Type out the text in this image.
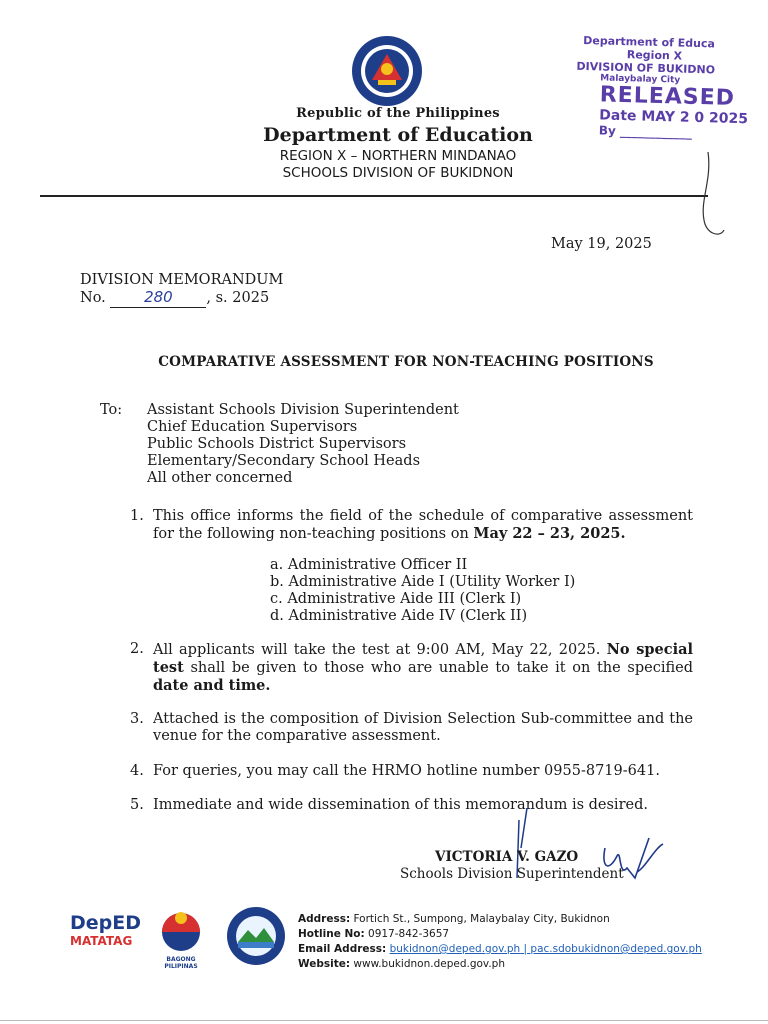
Republic of the Philippines
Department of Education
REGION X – NORTHERN MINDANAO
SCHOOLS DIVISION OF BUKIDNON
Department of Educa
Region X
DIVISION OF BUKIDNO
Malaybalay City
RELEASED
Date MAY 2 0 2025
By ____________
May 19, 2025
DIVISION MEMORANDUM
No.	280 , s. 2025
COMPARATIVE ASSESSMENT FOR NON-TEACHING POSITIONS
To: Assistant Schools Division Superintendent
Chief Education Supervisors
Public Schools District Supervisors
Elementary/Secondary School Heads
All other concerned
1. This office informs the field of the schedule of comparative assessment for the following non-teaching positions on May 22 – 23, 2025.
a. Administrative Officer II
b. Administrative Aide I (Utility Worker I)
c. Administrative Aide III (Clerk I)
d. Administrative Aide IV (Clerk II)
2. All applicants will take the test at 9:00 AM, May 22, 2025. No special test shall be given to those who are unable to take it on the specified date and time.
3. Attached is the composition of Division Selection Sub-committee and the venue for the comparative assessment.
4. For queries, you may call the HRMO hotline number 0955-8719-641.
5. Immediate and wide dissemination of this memorandum is desired.
VICTORIA V. GAZO
Schools Division Superintendent
DepED
MATATAG
BAGONG PILIPINAS
Address: Fortich St., Sumpong, Malaybalay City, Bukidnon
Hotline No: 0917-842-3657
Email Address: bukidnon@deped.gov.ph | pac.sdobukidnon@deped.gov.ph
Website: www.bukidnon.deped.gov.ph
